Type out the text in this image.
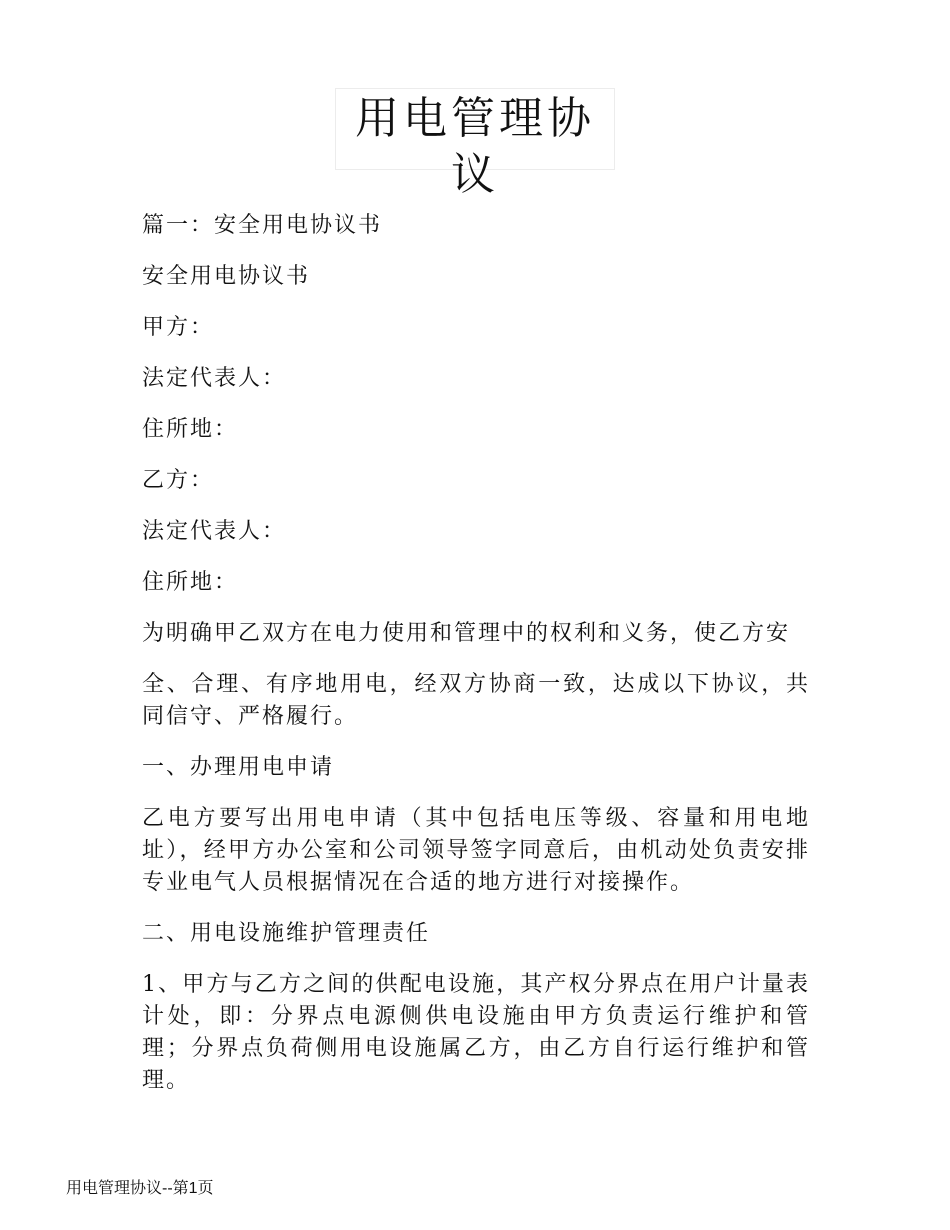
用电管理协议
篇一：安全用电协议书
安全用电协议书
甲方：
法定代表人：
住所地：
乙方：
法定代表人：
住所地：
为明确甲乙双方在电力使用和管理中的权利和义务，使乙方安
全、合理、有序地用电，经双方协商一致，达成以下协议，共同信守、严格履行。
一、办理用电申请
乙电方要写出用电申请（其中包括电压等级、容量和用电地址），经甲方办公室和公司领导签字同意后，由机动处负责安排专业电气人员根据情况在合适的地方进行对接操作。
二、用电设施维护管理责任
1、甲方与乙方之间的供配电设施，其产权分界点在用户计量表计处，即：分界点电源侧供电设施由甲方负责运行维护和管理；分界点负荷侧用电设施属乙方，由乙方自行运行维护和管理。
用电管理协议--第1页
